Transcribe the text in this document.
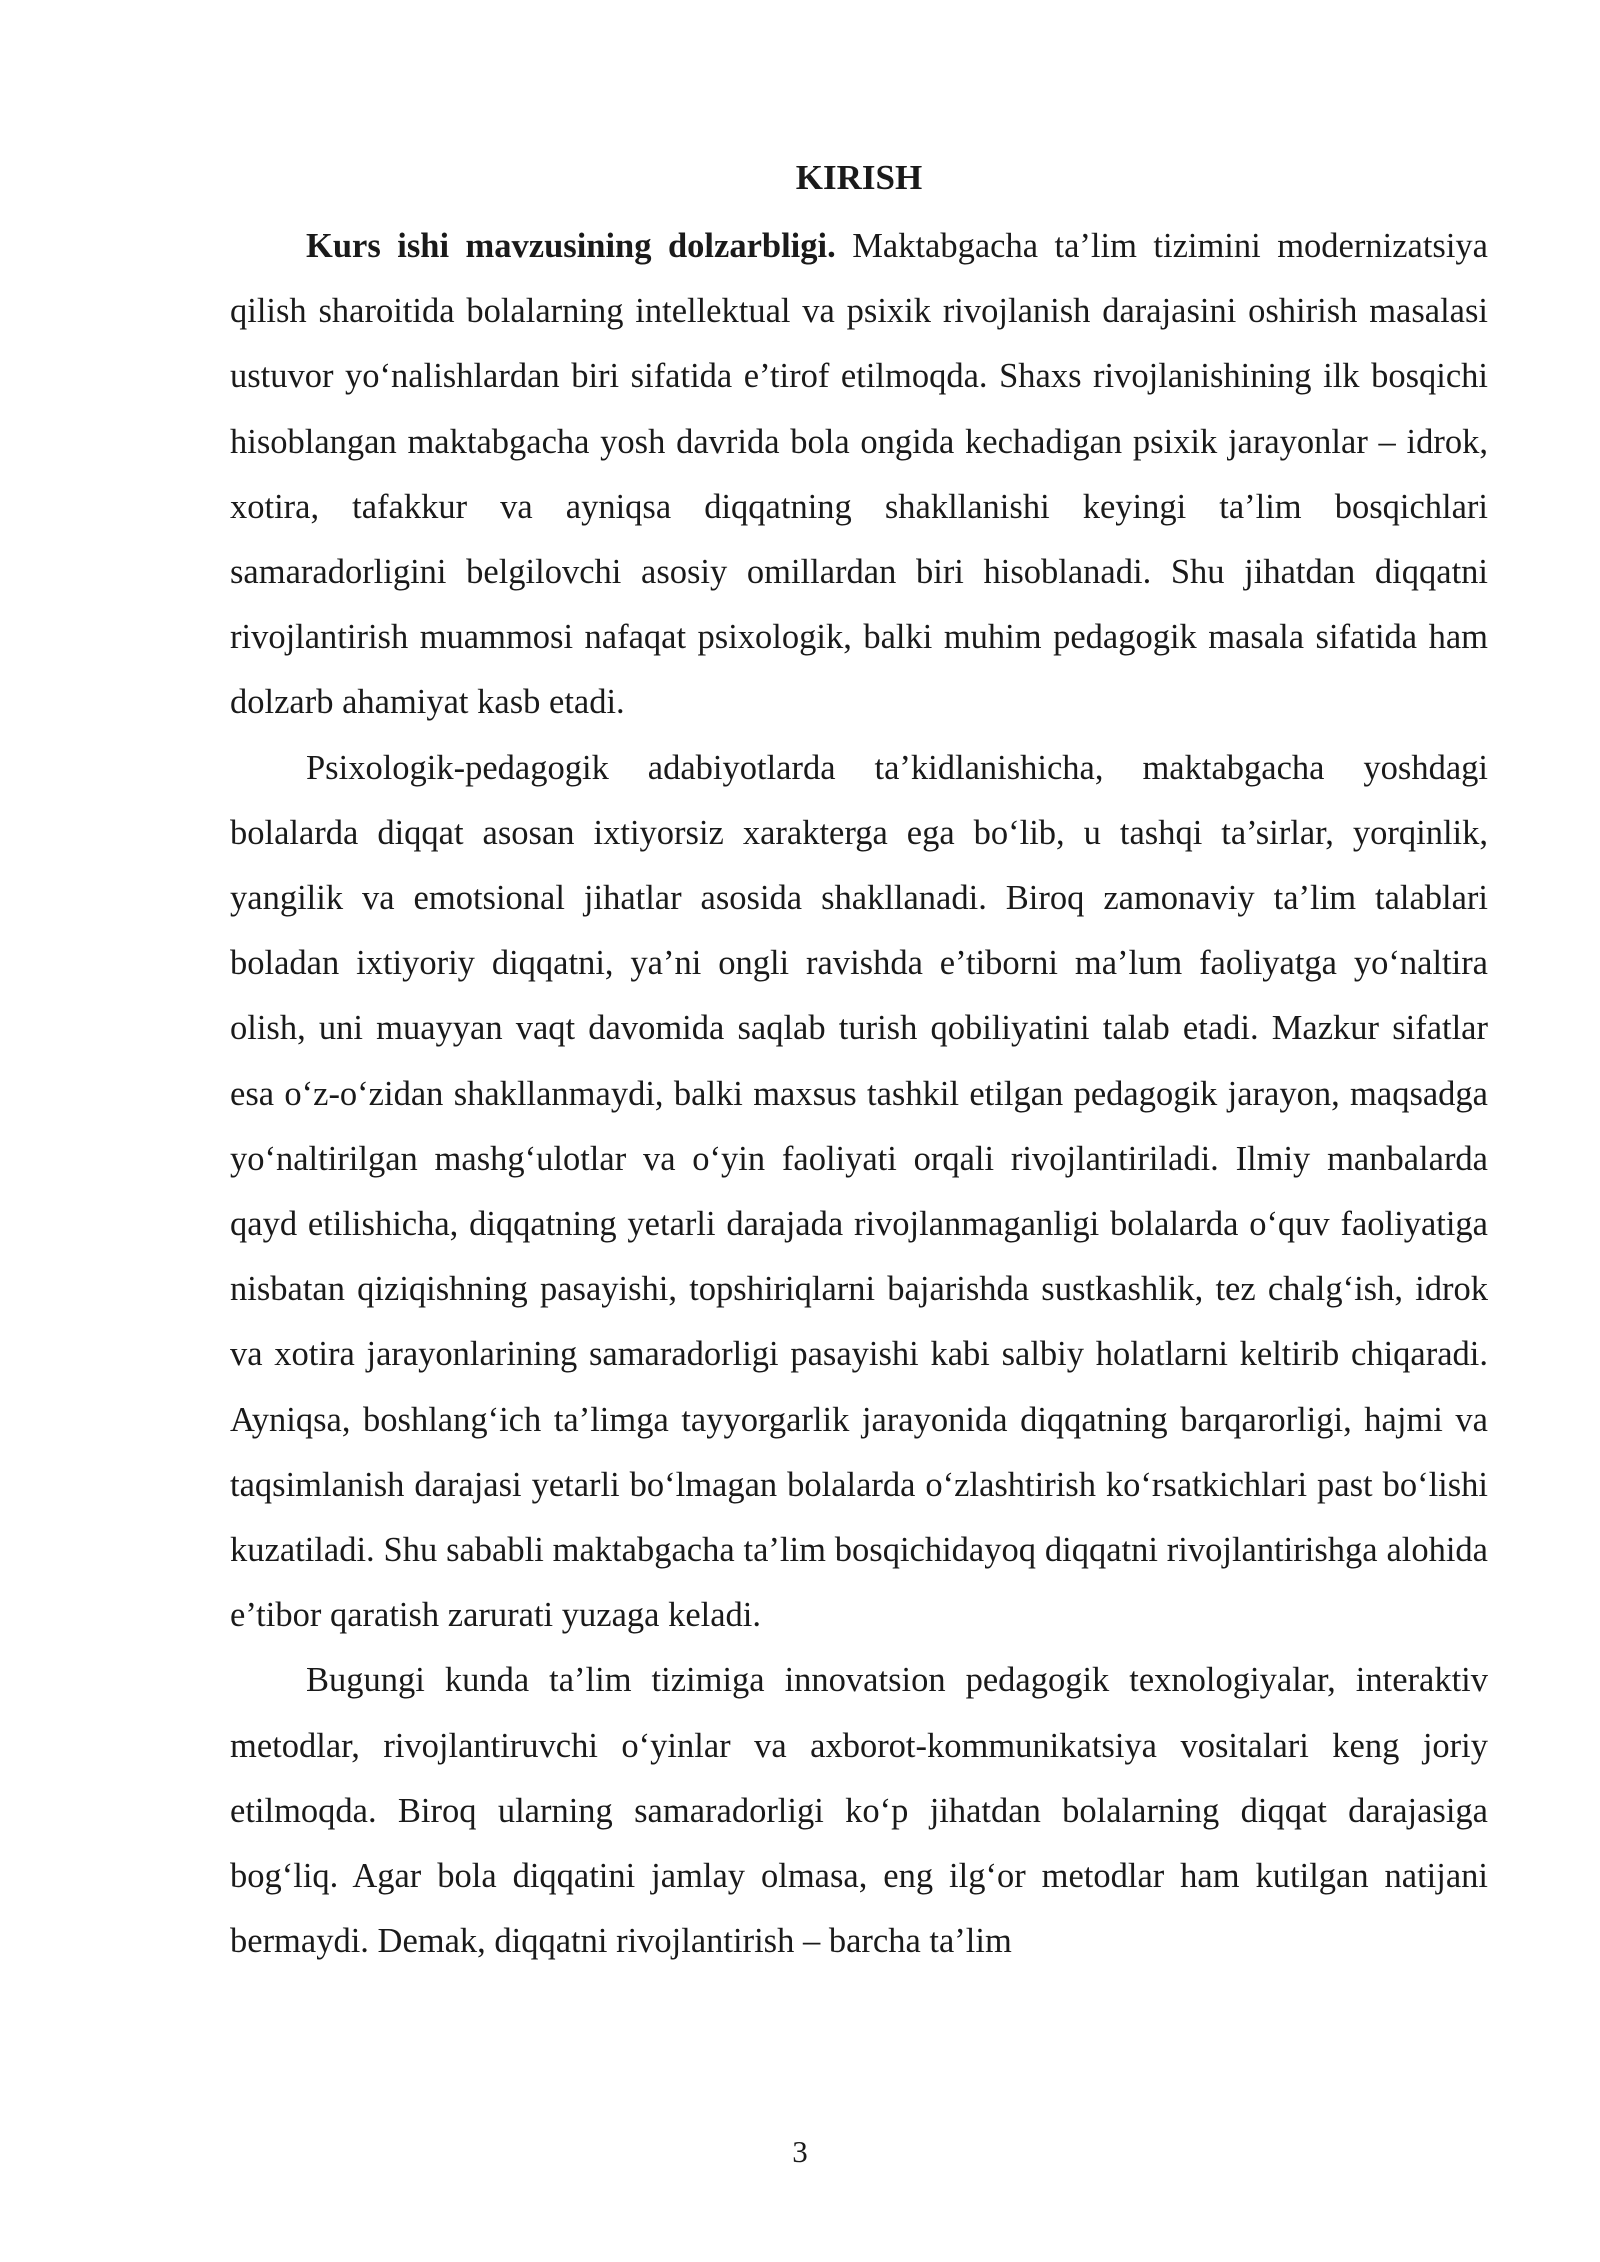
KIRISH

Kurs ishi mavzusining dolzarbligi. Maktabgacha ta’lim tizimini modernizatsiya qilish sharoitida bolalarning intellektual va psixik rivojlanish darajasini oshirish masalasi ustuvor yo‘nalishlardan biri sifatida e’tirof etilmoqda. Shaxs rivojlanishining ilk bosqichi hisoblangan maktabgacha yosh davrida bola ongida kechadigan psixik jarayonlar – idrok, xotira, tafakkur va ayniqsa diqqatning shakllanishi keyingi ta’lim bosqichlari samaradorligini belgilovchi asosiy omillardan biri hisoblanadi. Shu jihatdan diqqatni rivojlantirish muammosi nafaqat psixologik, balki muhim pedagogik masala sifatida ham dolzarb ahamiyat kasb etadi.

Psixologik-pedagogik adabiyotlarda ta’kidlanishicha, maktabgacha yoshdagi bolalarda diqqat asosan ixtiyorsiz xarakterga ega bo‘lib, u tashqi ta’sirlar, yorqinlik, yangilik va emotsional jihatlar asosida shakllanadi. Biroq zamonaviy ta’lim talablari boladan ixtiyoriy diqqatni, ya’ni ongli ravishda e’tiborni ma’lum faoliyatga yo‘naltira olish, uni muayyan vaqt davomida saqlab turish qobiliyatini talab etadi. Mazkur sifatlar esa o‘z-o‘zidan shakllanmaydi, balki maxsus tashkil etilgan pedagogik jarayon, maqsadga yo‘naltirilgan mashg‘ulotlar va o‘yin faoliyati orqali rivojlantiriladi. Ilmiy manbalarda qayd etilishicha, diqqatning yetarli darajada rivojlanmaganligi bolalarda o‘quv faoliyatiga nisbatan qiziqishning pasayishi, topshiriqlarni bajarishda sustkashlik, tez chalg‘ish, idrok va xotira jarayonlarining samaradorligi pasayishi kabi salbiy holatlarni keltirib chiqaradi. Ayniqsa, boshlang‘ich ta’limga tayyorgarlik jarayonida diqqatning barqarorligi, hajmi va taqsimlanish darajasi yetarli bo‘lmagan bolalarda o‘zlashtirish ko‘rsatkichlari past bo‘lishi kuzatiladi. Shu sababli maktabgacha ta’lim bosqichidayoq diqqatni rivojlantirishga alohida e’tibor qaratish zarurati yuzaga keladi.

Bugungi kunda ta’lim tizimiga innovatsion pedagogik texnologiyalar, interaktiv metodlar, rivojlantiruvchi o‘yinlar va axborot-kommunikatsiya vositalari keng joriy etilmoqda. Biroq ularning samaradorligi ko‘p jihatdan bolalarning diqqat darajasiga bog‘liq. Agar bola diqqatini jamlay olmasa, eng ilg‘or metodlar ham kutilgan natijani bermaydi. Demak, diqqatni rivojlantirish – barcha ta’lim

3
